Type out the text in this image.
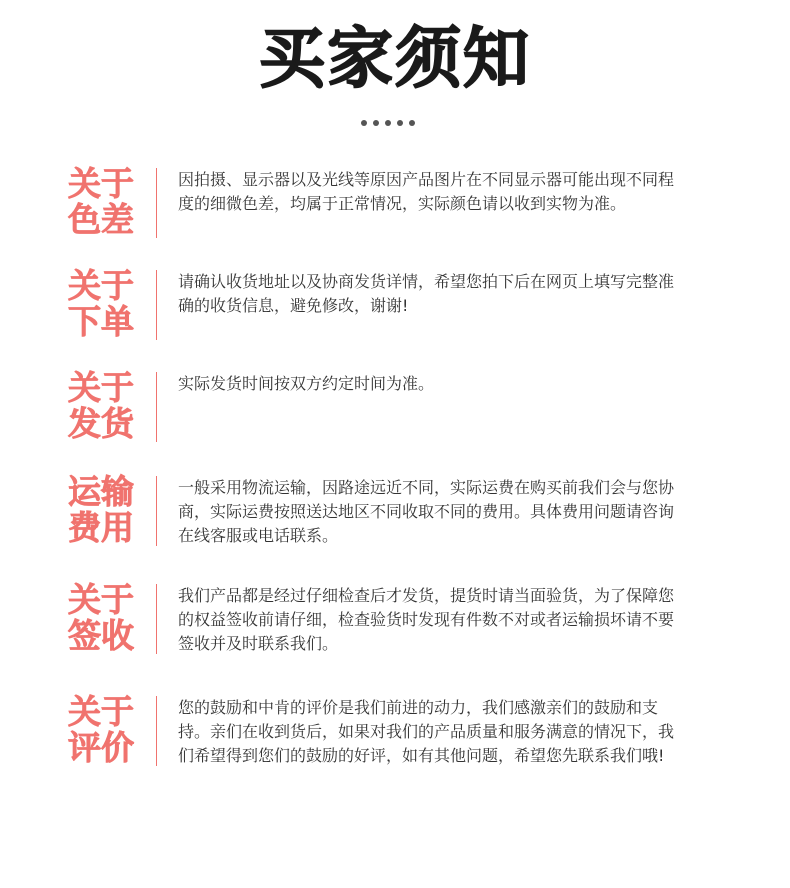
买家须知
关于
色差
因拍摄、显示器以及光线等原因产品图片在不同显示器可能出现不同程度的细微色差，均属于正常情况，实际颜色请以收到实物为准。
关于
下单
请确认收货地址以及协商发货详情，希望您拍下后在网页上填写完整准确的收货信息，避免修改，谢谢!
关于
发货
实际发货时间按双方约定时间为准。
运输
费用
一般采用物流运输，因路途远近不同，实际运费在购买前我们会与您协商，实际运费按照送达地区不同收取不同的费用。具体费用问题请咨询在线客服或电话联系。
关于
签收
我们产品都是经过仔细检查后才发货，提货时请当面验货，为了保障您的权益签收前请仔细，检查验货时发现有件数不对或者运输损坏请不要签收并及时联系我们。
关于
评价
您的鼓励和中肯的评价是我们前进的动力，我们感激亲们的鼓励和支持。亲们在收到货后，如果对我们的产品质量和服务满意的情况下，我们希望得到您们的鼓励的好评，如有其他问题，希望您先联系我们哦!
